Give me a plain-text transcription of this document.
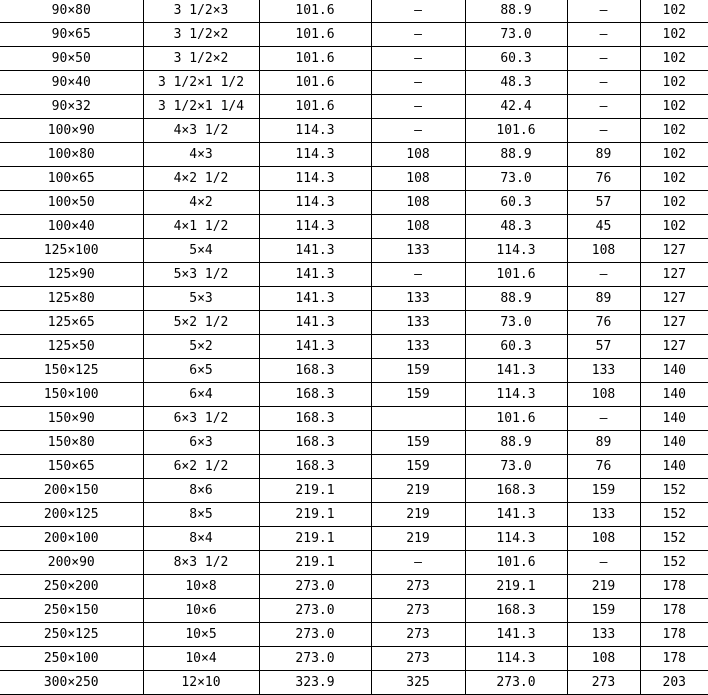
90×80	3 1/2×3	101.6	—	88.9	—	102
90×65	3 1/2×2	101.6	—	73.0	—	102
90×50	3 1/2×2	101.6	—	60.3	—	102
90×40	3 1/2×1 1/2	101.6	—	48.3	—	102
90×32	3 1/2×1 1/4	101.6	—	42.4	—	102
100×90	4×3 1/2	114.3	—	101.6	—	102
100×80	4×3	114.3	108	88.9	89	102
100×65	4×2 1/2	114.3	108	73.0	76	102
100×50	4×2	114.3	108	60.3	57	102
100×40	4×1 1/2	114.3	108	48.3	45	102
125×100	5×4	141.3	133	114.3	108	127
125×90	5×3 1/2	141.3	—	101.6	—	127
125×80	5×3	141.3	133	88.9	89	127
125×65	5×2 1/2	141.3	133	73.0	76	127
125×50	5×2	141.3	133	60.3	57	127
150×125	6×5	168.3	159	141.3	133	140
150×100	6×4	168.3	159	114.3	108	140
150×90	6×3 1/2	168.3		101.6	—	140
150×80	6×3	168.3	159	88.9	89	140
150×65	6×2 1/2	168.3	159	73.0	76	140
200×150	8×6	219.1	219	168.3	159	152
200×125	8×5	219.1	219	141.3	133	152
200×100	8×4	219.1	219	114.3	108	152
200×90	8×3 1/2	219.1	—	101.6	—	152
250×200	10×8	273.0	273	219.1	219	178
250×150	10×6	273.0	273	168.3	159	178
250×125	10×5	273.0	273	141.3	133	178
250×100	10×4	273.0	273	114.3	108	178
300×250	12×10	323.9	325	273.0	273	203
